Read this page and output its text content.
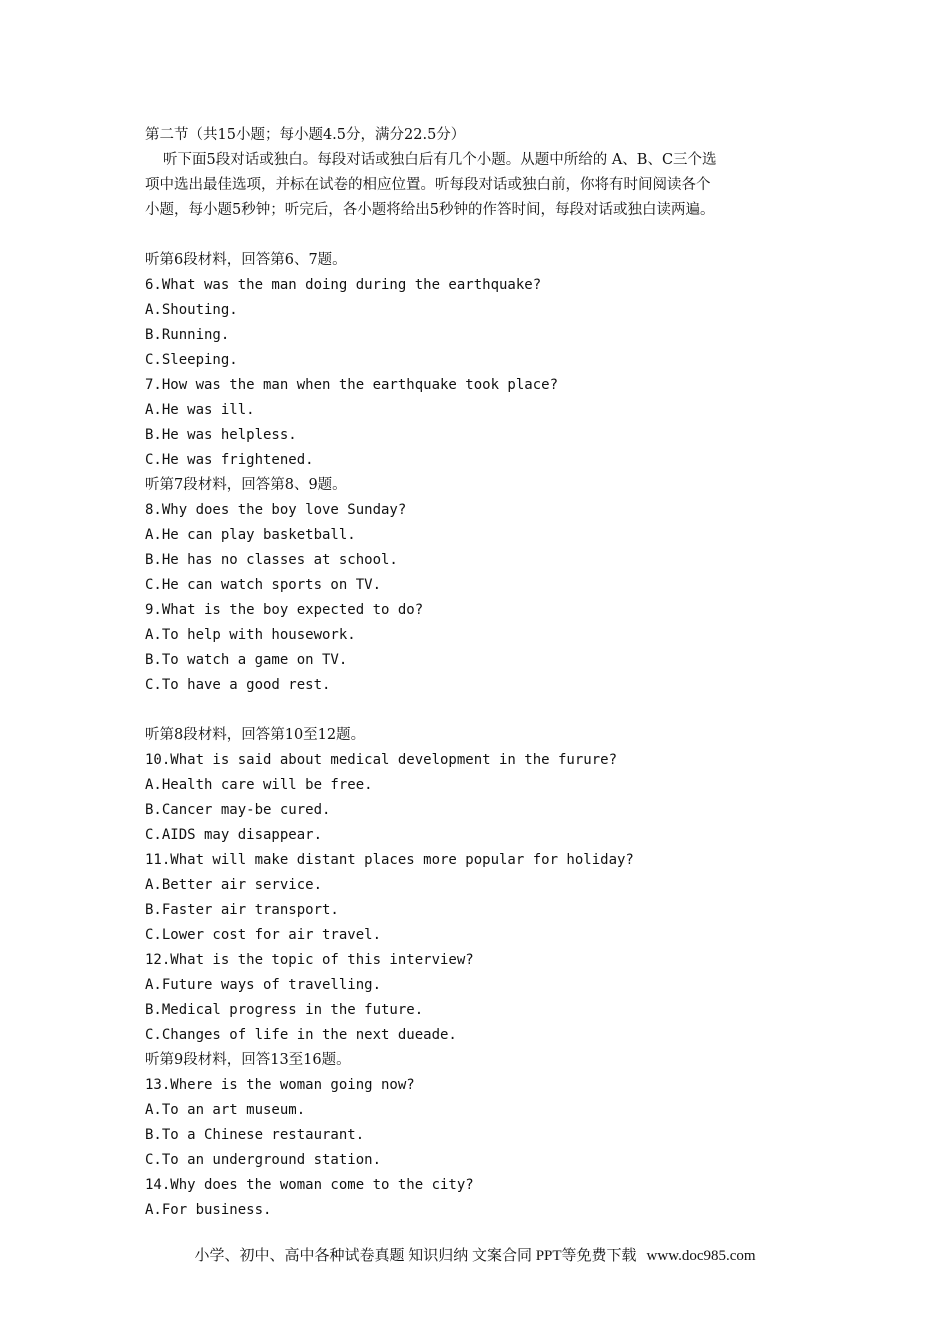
第二节（共15小题；每小题4.5分，满分22.5分）
听下面5段对话或独白。每段对话或独白后有几个小题。从题中所给的 A、B、C三个选
项中选出最佳选项，并标在试卷的相应位置。听每段对话或独白前，你将有时间阅读各个
小题，每小题5秒钟；听完后，各小题将给出5秒钟的作答时间，每段对话或独白读两遍。
听第6段材料，回答第6、7题。
6.What was the man doing during the earthquake?
A.Shouting.
B.Running.
C.Sleeping.
7.How was the man when the earthquake took place?
A.He was ill.
B.He was helpless.
C.He was frightened.
听第7段材料，回答第8、9题。
8.Why does the boy love Sunday?
A.He can play basketball.
B.He has no classes at school.
C.He can watch sports on TV.
9.What is the boy expected to do?
A.To help with housework.
B.To watch a game on TV.
C.To have a good rest.
听第8段材料，回答第10至12题。
10.What is said about medical development in the furure?
A.Health care will be free.
B.Cancer may-be cured.
C.AIDS may disappear.
11.What will make distant places more popular for holiday?
A.Better air service.
B.Faster air transport.
C.Lower cost for air travel.
12.What is the topic of this interview?
A.Future ways of travelling.
B.Medical progress in the future.
C.Changes of life in the next dueade.
听第9段材料，回答13至16题。
13.Where is the woman going now?
A.To an art museum.
B.To a Chinese restaurant.
C.To an underground station.
14.Why does the woman come to the city?
A.For business.
小学、初中、高中各种试卷真题 知识归纳 文案合同 PPT等免费下载 www.doc985.com
